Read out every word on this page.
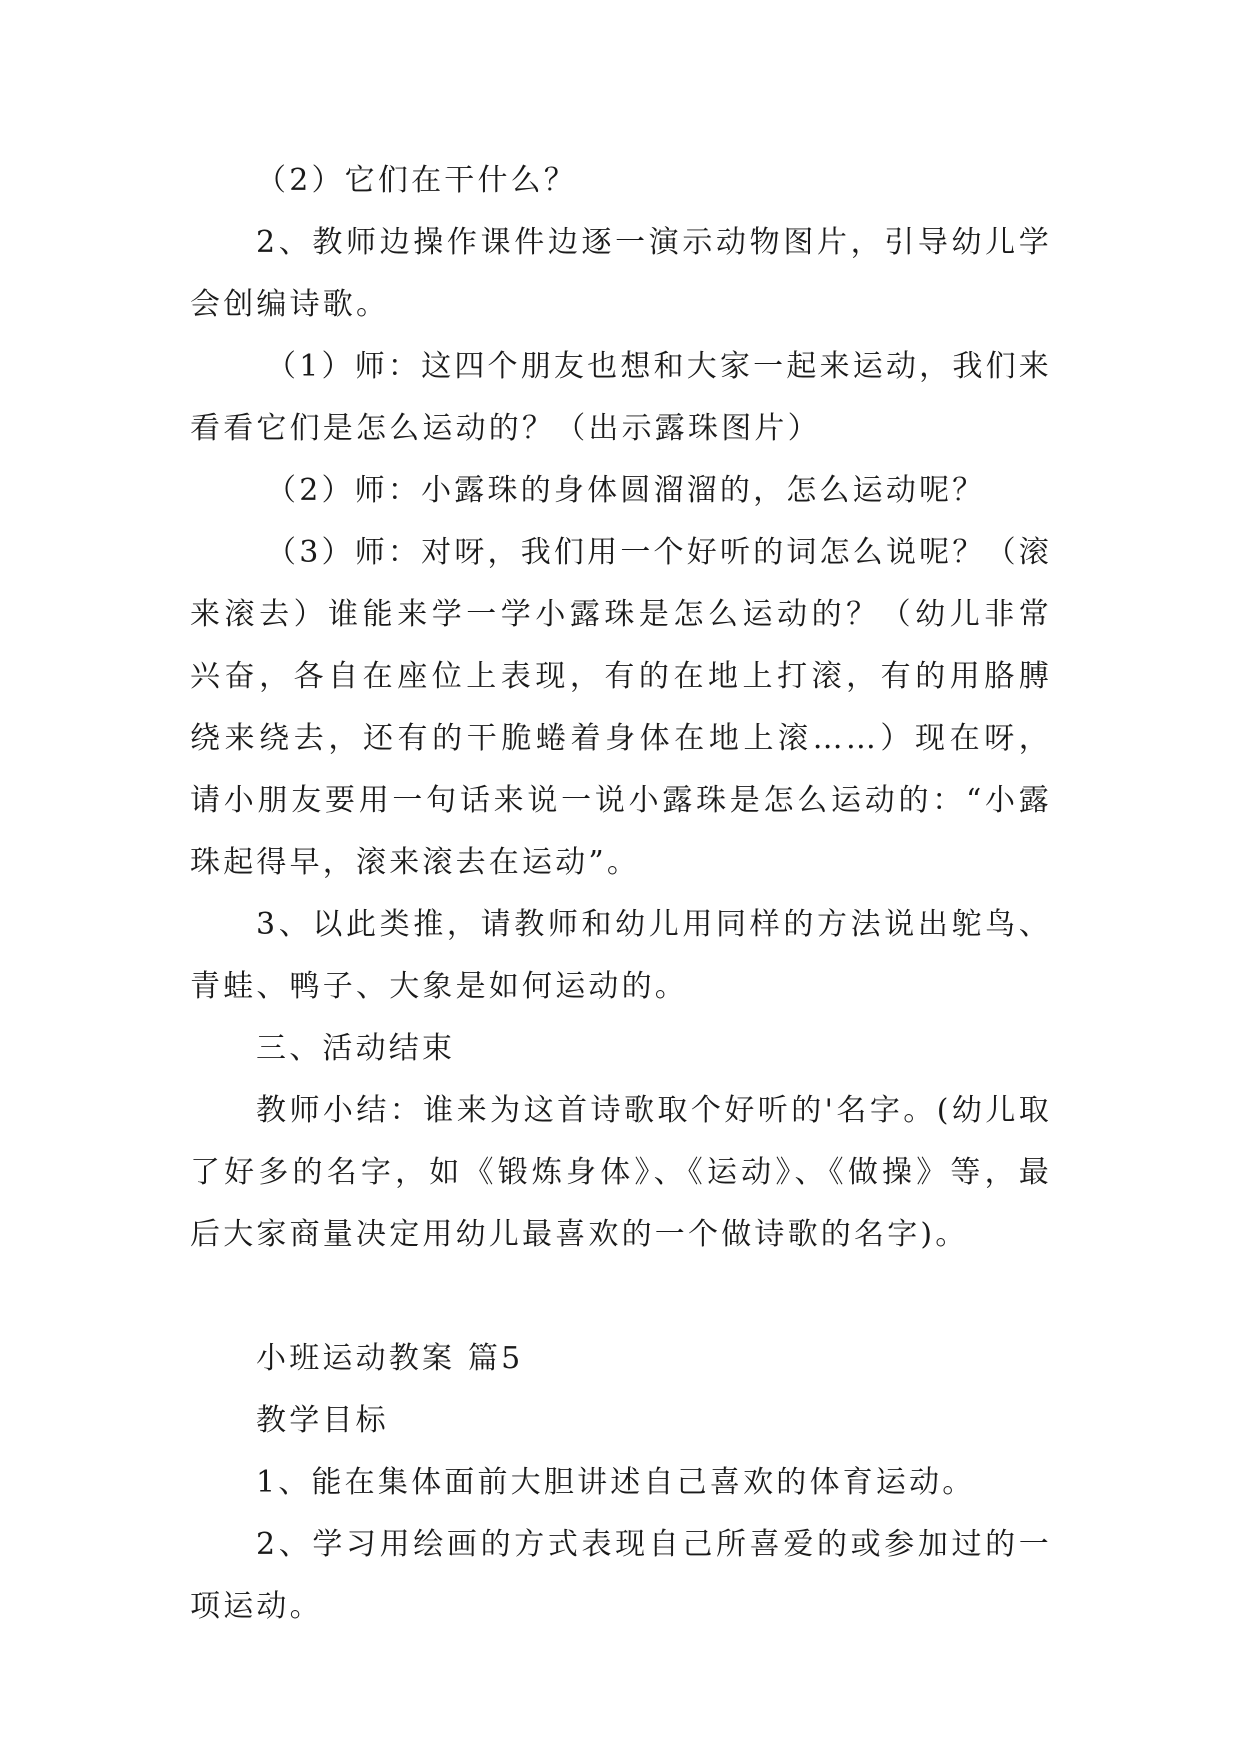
（2）它们在干什么？

2、教师边操作课件边逐一演示动物图片，引导幼儿学会创编诗歌。

（1）师：这四个朋友也想和大家一起来运动，我们来看看它们是怎么运动的？（出示露珠图片）

（2）师：小露珠的身体圆溜溜的，怎么运动呢？

（3）师：对呀，我们用一个好听的词怎么说呢？（滚来滚去）谁能来学一学小露珠是怎么运动的？（幼儿非常兴奋，各自在座位上表现，有的在地上打滚，有的用胳膊绕来绕去，还有的干脆蜷着身体在地上滚……）现在呀，请小朋友要用一句话来说一说小露珠是怎么运动的：“小露珠起得早，滚来滚去在运动”。

3、以此类推，请教师和幼儿用同样的方法说出鸵鸟、青蛙、鸭子、大象是如何运动的。

三、活动结束

教师小结：谁来为这首诗歌取个好听的'名字。(幼儿取了好多的名字，如《锻炼身体》、《运动》、《做操》等，最后大家商量决定用幼儿最喜欢的一个做诗歌的名字)。

小班运动教案 篇5

教学目标

1、能在集体面前大胆讲述自己喜欢的体育运动。

2、学习用绘画的方式表现自己所喜爱的或参加过的一项运动。
